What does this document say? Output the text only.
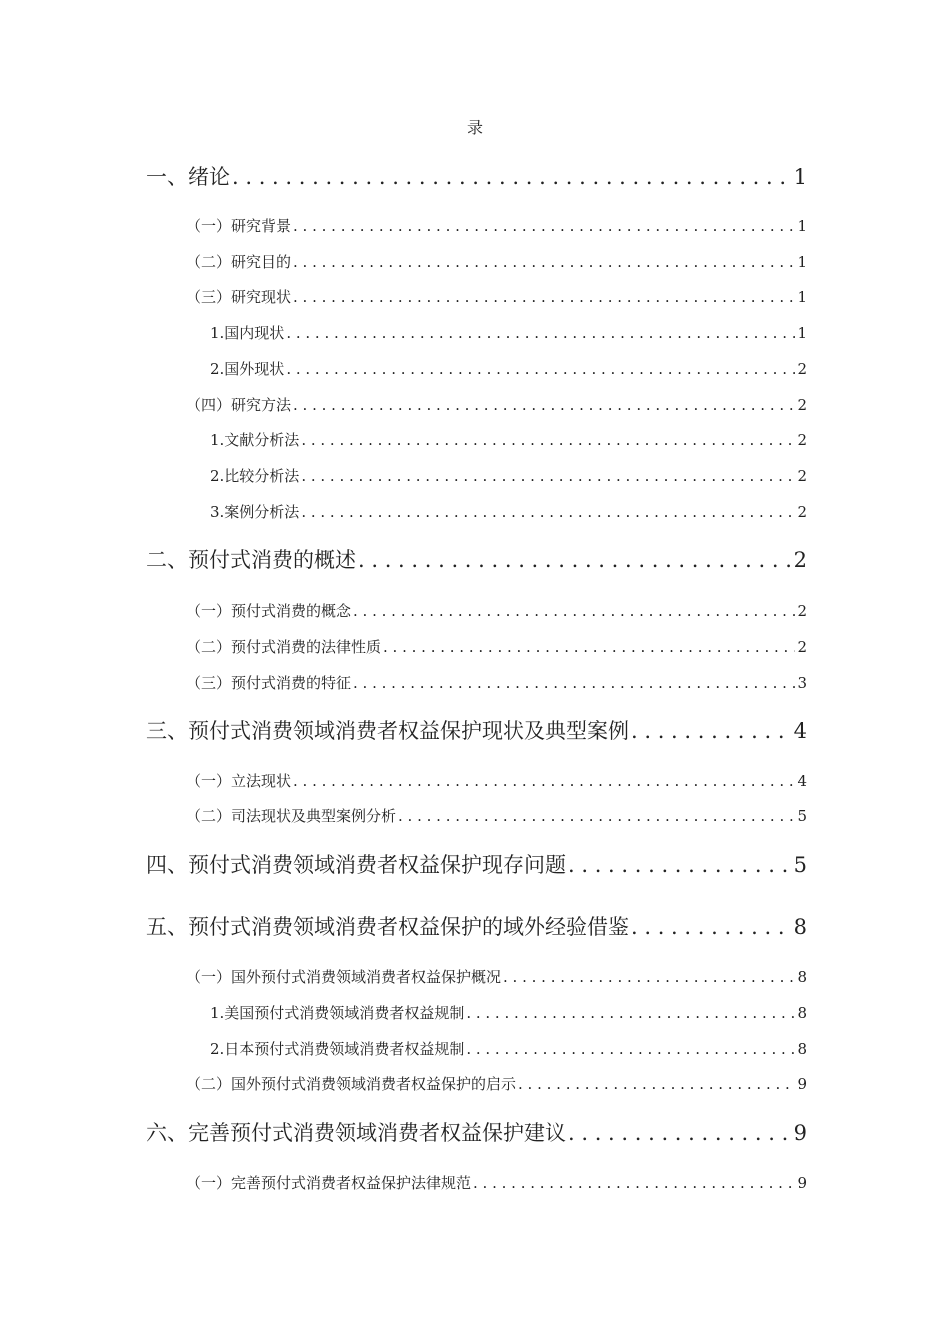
录
一、绪论 . . .	1
（一）研究背景 . . .	1
（二）研究目的 . . .	1
（三）研究现状 . . .	1
1.国内现状 . . .	1
2.国外现状 . . .	2
（四）研究方法 . . .	2
1.文献分析法 . . .	2
2.比较分析法 . . .	2
3.案例分析法 . . .	2
二、预付式消费的概述 . . .	2
（一）预付式消费的概念 . . .	2
（二）预付式消费的法律性质 . . .	2
（三）预付式消费的特征 . . .	3
三、预付式消费领域消费者权益保护现状及典型案例 . . .	4
（一）立法现状 . . .	4
（二）司法现状及典型案例分析 . . .	5
四、预付式消费领域消费者权益保护现存问题 . . .	5
五、预付式消费领域消费者权益保护的域外经验借鉴 . . .	8
（一）国外预付式消费领域消费者权益保护概况 . . .	8
1.美国预付式消费领域消费者权益规制 . . .	8
2.日本预付式消费领域消费者权益规制 . . .	8
（二）国外预付式消费领域消费者权益保护的启示 . . .	9
六、完善预付式消费领域消费者权益保护建议 . . .	9
（一）完善预付式消费者权益保护法律规范 . . .	9
